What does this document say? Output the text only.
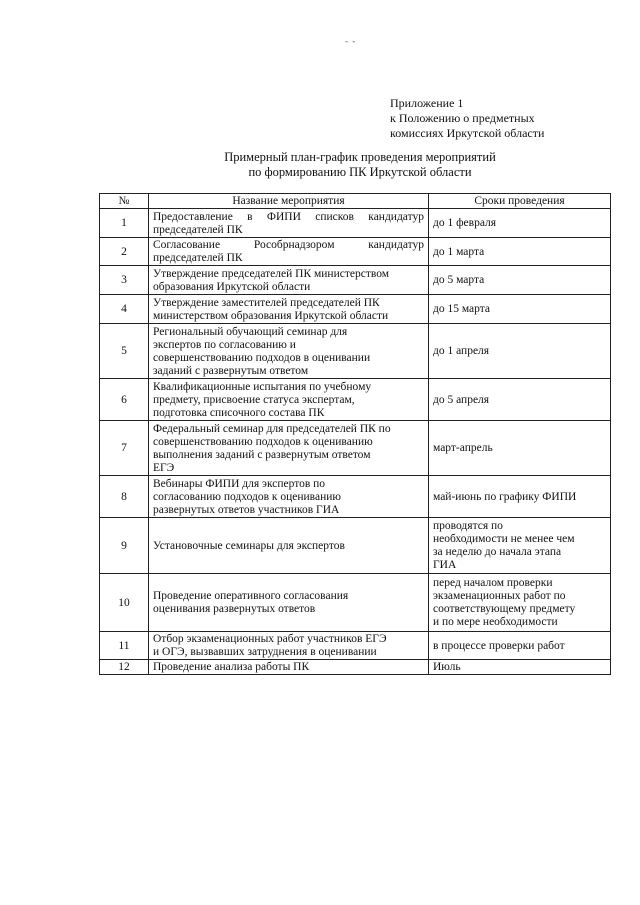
- -
Приложение 1
к Положению о предметных
комиссиях Иркутской области
Примерный план-график проведения мероприятий
по формированию ПК Иркутской области
№	Название мероприятия	Сроки проведения
1	Предоставление в ФИПИ списков кандидатур
председателей ПК	до 1 февраля

2	Согласование Рособрнадзором кандидатур
председателей ПК	до 1 марта

3	Утверждение председателей ПК министерством
образования Иркутской области	до 5 марта

4	Утверждение заместителей председателей ПК
министерством образования Иркутской области	до 15 марта

5	Региональный обучающий семинар для
экспертов по согласованию и
совершенствованию подходов в оценивании
заданий с развернутым ответом	до 1 апреля

6	Квалификационные испытания по учебному
предмету, присвоение статуса экспертам,
подготовка списочного состава ПК	до 5 апреля

7	Федеральный семинар для председателей ПК по
совершенствованию подходов к оцениванию
выполнения заданий с развернутым ответом
ЕГЭ	март-апрель

8	Вебинары ФИПИ для экспертов по
согласованию подходов к оцениванию
развернутых ответов участников ГИА	май-июнь по графику ФИПИ

9	Установочные семинары для экспертов	проводятся по
необходимости не менее чем
за неделю до начала этапа
ГИА

10	Проведение оперативного согласования
оценивания развернутых ответов	перед началом проверки
экзаменационных работ по
соответствующему предмету
и по мере необходимости

11	Отбор экзаменационных работ участников ЕГЭ
и ОГЭ, вызвавших затруднения в оценивании	в процессе проверки работ

12	Проведение анализа работы ПК	Июль
